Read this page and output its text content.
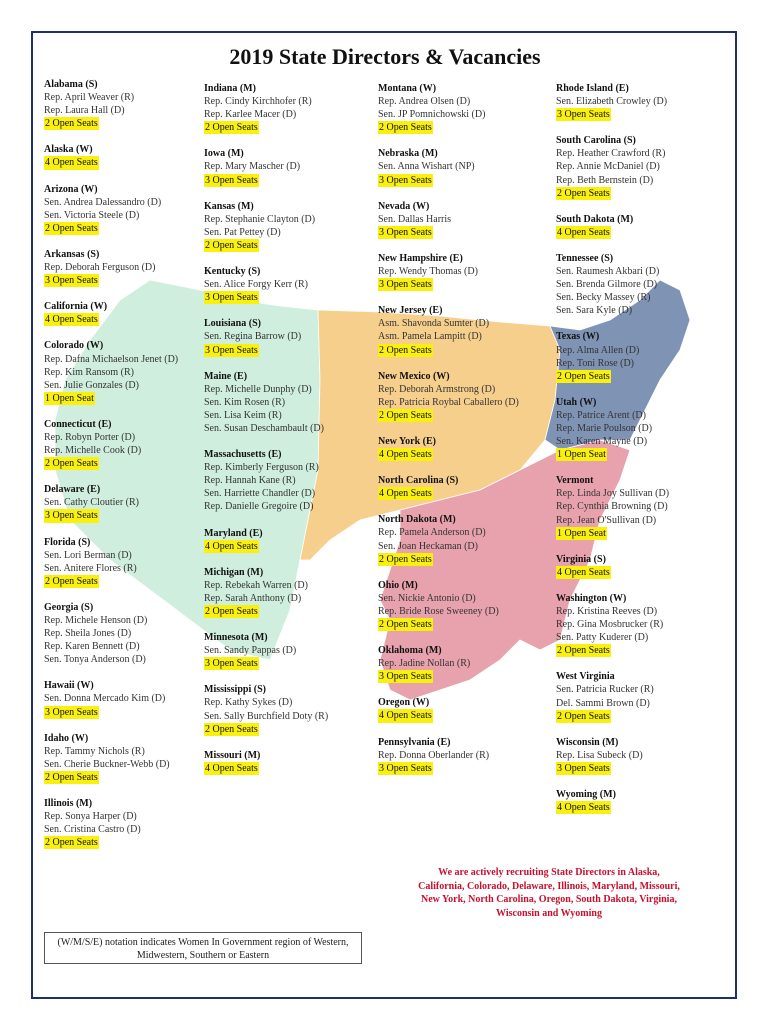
2019 State Directors & Vacancies
Alabama (S)
Rep. April Weaver (R)
Rep. Laura Hall (D)
2 Open Seats
Alaska (W)
4 Open Seats
Arizona (W)
Sen. Andrea Dalessandro (D)
Sen. Victoria Steele (D)
2 Open Seats
Arkansas (S)
Rep. Deborah Ferguson (D)
3 Open Seats
California (W)
4 Open Seats
Colorado (W)
Rep. Dafna Michaelson Jenet (D)
Rep. Kim Ransom (R)
Sen. Julie Gonzales (D)
1 Open Seat
Connecticut (E)
Rep. Robyn Porter (D)
Rep. Michelle Cook (D)
2 Open Seats
Delaware (E)
Sen. Cathy Cloutier (R)
3 Open Seats
Florida (S)
Sen. Lori Berman (D)
Sen. Anitere Flores (R)
2 Open Seats
Georgia (S)
Rep. Michele Henson (D)
Rep. Sheila Jones (D)
Rep. Karen Bennett (D)
Sen. Tonya Anderson (D)
Hawaii (W)
Sen. Donna Mercado Kim (D)
3 Open Seats
Idaho (W)
Rep. Tammy Nichols (R)
Sen. Cherie Buckner-Webb (D)
2 Open Seats
Illinois (M)
Rep. Sonya Harper (D)
Sen. Cristina Castro (D)
2 Open Seats
Indiana (M)
Rep. Cindy Kirchhofer (R)
Rep. Karlee Macer (D)
2 Open Seats
Iowa (M)
Rep. Mary Mascher (D)
3 Open Seats
Kansas (M)
Rep. Stephanie Clayton (D)
Sen. Pat Pettey (D)
2 Open Seats
Kentucky (S)
Sen. Alice Forgy Kerr (R)
3 Open Seats
Louisiana (S)
Sen. Regina Barrow (D)
3 Open Seats
Maine (E)
Rep. Michelle Dunphy (D)
Sen. Kim Rosen (R)
Sen. Lisa Keim (R)
Sen. Susan Deschambault (D)
Massachusetts (E)
Rep. Kimberly Ferguson (R)
Rep. Hannah Kane (R)
Sen. Harriette Chandler (D)
Rep. Danielle Gregoire (D)
Maryland (E)
4 Open Seats
Michigan (M)
Rep. Rebekah Warren (D)
Rep. Sarah Anthony (D)
2 Open Seats
Minnesota (M)
Sen. Sandy Pappas (D)
3 Open Seats
Mississippi (S)
Rep. Kathy Sykes (D)
Sen. Sally Burchfield Doty (R)
2 Open Seats
Missouri (M)
4 Open Seats
Montana (W)
Rep. Andrea Olsen (D)
Sen. JP Pomnichowski (D)
2 Open Seats
Nebraska (M)
Sen. Anna Wishart (NP)
3 Open Seats
Nevada (W)
Sen. Dallas Harris
3 Open Seats
New Hampshire (E)
Rep. Wendy Thomas (D)
3 Open Seats
New Jersey (E)
Asm. Shavonda Sumter (D)
Asm. Pamela Lampitt (D)
2 Open Seats
New Mexico (W)
Rep. Deborah Armstrong (D)
Rep. Patricia Roybal Caballero (D)
2 Open Seats
New York (E)
4 Open Seats
North Carolina (S)
4 Open Seats
North Dakota (M)
Rep. Pamela Anderson (D)
Sen. Joan Heckaman (D)
2 Open Seats
Ohio (M)
Sen. Nickie Antonio (D)
Rep. Bride Rose Sweeney (D)
2 Open Seats
Oklahoma (M)
Rep. Jadine Nollan (R)
3 Open Seats
Oregon (W)
4 Open Seats
Pennsylvania (E)
Rep. Donna Oberlander (R)
3 Open Seats
Rhode Island (E)
Sen. Elizabeth Crowley (D)
3 Open Seats
South Carolina (S)
Rep. Heather Crawford (R)
Rep. Annie McDaniel (D)
Rep. Beth Bernstein (D)
2 Open Seats
South Dakota (M)
4 Open Seats
Tennessee (S)
Sen. Raumesh Akbari (D)
Sen. Brenda Gilmore (D)
Sen. Becky Massey (R)
Sen. Sara Kyle (D)
Texas (W)
Rep. Alma Allen (D)
Rep. Toni Rose (D)
2 Open Seats
Utah (W)
Rep. Patrice Arent (D)
Rep. Marie Poulson (D)
Sen. Karen Mayne (D)
1 Open Seat
Vermont
Rep. Linda Joy Sullivan (D)
Rep. Cynthia Browning (D)
Rep. Jean O'Sullivan (D)
1 Open Seat
Virginia (S)
4 Open Seats
Washington (W)
Rep. Kristina Reeves (D)
Rep. Gina Mosbrucker (R)
Sen. Patty Kuderer (D)
2 Open Seats
West Virginia
Sen. Patricia Rucker (R)
Del. Sammi Brown (D)
2 Open Seats
Wisconsin (M)
Rep. Lisa Subeck (D)
3 Open Seats
Wyoming (M)
4 Open Seats
We are actively recruiting State Directors in Alaska, California, Colorado, Delaware, Illinois, Maryland, Missouri, New York, North Carolina, Oregon, South Dakota, Virginia, Wisconsin and Wyoming
(W/M/S/E) notation indicates Women In Government region of Western, Midwestern, Southern or Eastern
